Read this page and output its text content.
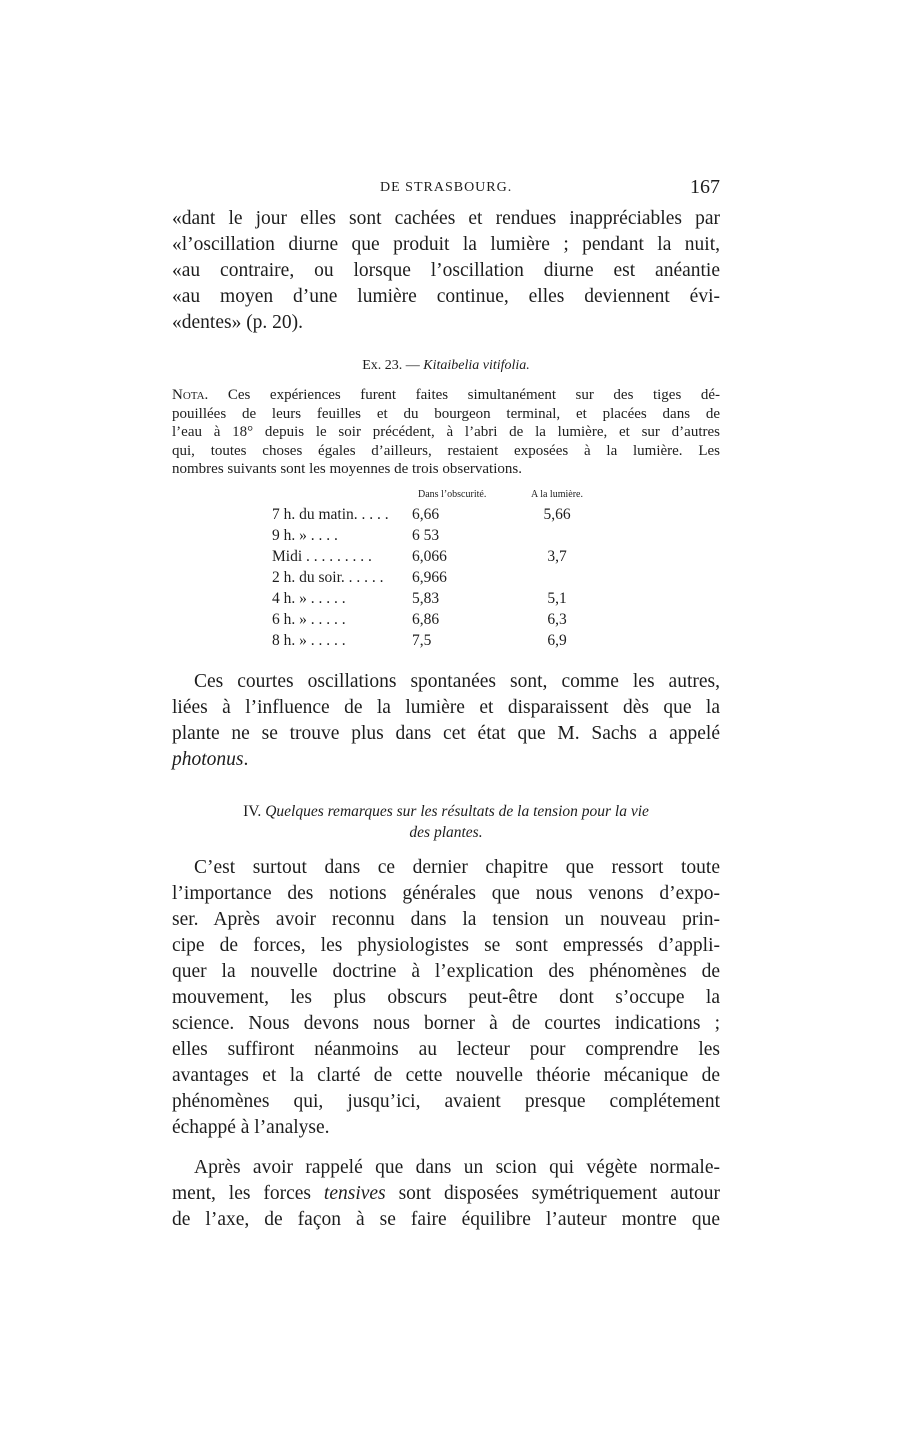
DE STRASBOURG.	167
«dant le jour elles sont cachées et rendues inappréciables par
«l’oscillation diurne que produit la lumière ; pendant la nuit,
«au contraire, ou lorsque l’oscillation diurne est anéantie
«au moyen d’une lumière continue, elles deviennent évi-
«dentes» (p. 20).
Ex. 23. — Kitaibelia vitifolia.
Nota. Ces expériences furent faites simultanément sur des tiges dé-
pouillées de leurs feuilles et du bourgeon terminal, et placées dans de
l’eau à 18° depuis le soir précédent, à l’abri de la lumière, et sur d’autres
qui, toutes choses égales d’ailleurs, restaient exposées à la lumière. Les
nombres suivants sont les moyennes de trois observations.
	Dans l’obscurité.	A la lumière.
7 h. du matin. . . . .	6,66	5,66
9 h. » . . . .	6 53	
Midi . . . . . . . . .	6,066	3,7
2 h. du soir. . . . . .	6,966	
4 h. » . . . . .	5,83	5,1
6 h. » . . . . .	6,86	6,3
8 h. » . . . . .	7,5	6,9
Ces courtes oscillations spontanées sont, comme les autres,
liées à l’influence de la lumière et disparaissent dès que la
plante ne se trouve plus dans cet état que M. Sachs a appelé
photonus.
IV. Quelques remarques sur les résultats de la tension pour la vie
des plantes.
C’est surtout dans ce dernier chapitre que ressort toute
l’importance des notions générales que nous venons d’expo-
ser. Après avoir reconnu dans la tension un nouveau prin-
cipe de forces, les physiologistes se sont empressés d’appli-
quer la nouvelle doctrine à l’explication des phénomènes de
mouvement, les plus obscurs peut-être dont s’occupe la
science. Nous devons nous borner à de courtes indications ;
elles suffiront néanmoins au lecteur pour comprendre les
avantages et la clarté de cette nouvelle théorie mécanique de
phénomènes qui, jusqu’ici, avaient presque complétement
échappé à l’analyse.
Après avoir rappelé que dans un scion qui végète normale-
ment, les forces tensives sont disposées symétriquement autour
de l’axe, de façon à se faire équilibre l’auteur montre que
